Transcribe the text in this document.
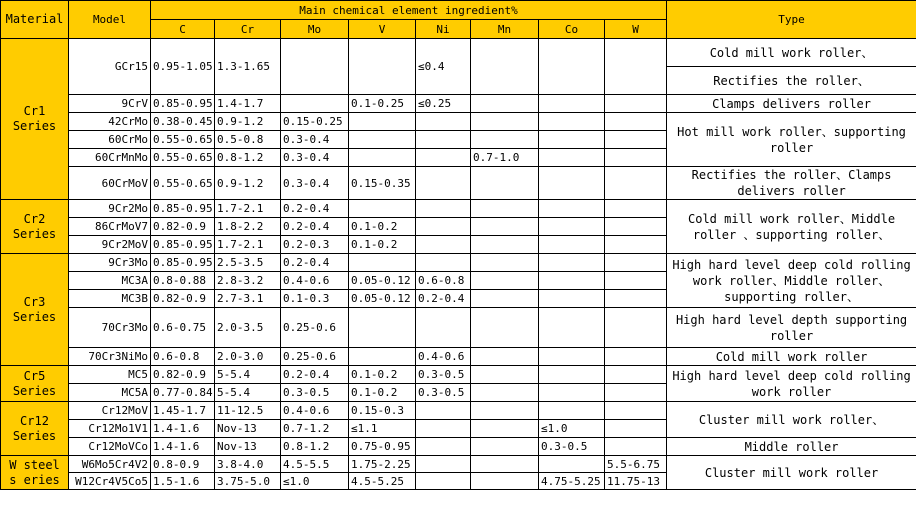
Material	Model	Main chemical element ingredient%								Type
		C	Cr	Mo	V	Ni	Mn	Co	W	
Cr1 Series	GCr15	0.95-1.05	1.3-1.65			≤0.4				Cold mill work roller、
										Rectifies the roller、
	9CrV	0.85-0.95	1.4-1.7		0.1-0.25	≤0.25				Clamps delivers roller
	42CrMo	0.38-0.45	0.9-1.2	0.15-0.25						Hot mill work roller、supporting roller
	60CrMo	0.55-0.65	0.5-0.8	0.3-0.4						
	60CrMnMo	0.55-0.65	0.8-1.2	0.3-0.4			0.7-1.0			
	60CrMoV	0.55-0.65	0.9-1.2	0.3-0.4	0.15-0.35					Rectifies the roller、Clamps delivers roller
Cr2 Series	9Cr2Mo	0.85-0.95	1.7-2.1	0.2-0.4						Cold mill work roller、Middle roller 、supporting roller、
	86CrMoV7	0.82-0.9	1.8-2.2	0.2-0.4	0.1-0.2					
	9Cr2MoV	0.85-0.95	1.7-2.1	0.2-0.3	0.1-0.2					
Cr3 Series	9Cr3Mo	0.85-0.95	2.5-3.5	0.2-0.4						High hard level deep cold rolling work roller、Middle roller、supporting roller、
	MC3A	0.8-0.88	2.8-3.2	0.4-0.6	0.05-0.12	0.6-0.8				
	MC3B	0.82-0.9	2.7-3.1	0.1-0.3	0.05-0.12	0.2-0.4				
	70Cr3Mo	0.6-0.75	2.0-3.5	0.25-0.6						High hard level depth supporting roller
	70Cr3NiMo	0.6-0.8	2.0-3.0	0.25-0.6		0.4-0.6				Cold mill work roller
Cr5 Series	MC5	0.82-0.9	5-5.4	0.2-0.4	0.1-0.2	0.3-0.5				High hard level deep cold rolling work roller
	MC5A	0.77-0.84	5-5.4	0.3-0.5	0.1-0.2	0.3-0.5				
Cr12 Series	Cr12MoV	1.45-1.7	11-12.5	0.4-0.6	0.15-0.3					Cluster mill work roller、
	Cr12Mo1V1	1.4-1.6	Nov-13	0.7-1.2	≤1.1			≤1.0		
	Cr12MoVCo	1.4-1.6	Nov-13	0.8-1.2	0.75-0.95			0.3-0.5		Middle roller
W steel s eries	W6Mo5Cr4V2	0.8-0.9	3.8-4.0	4.5-5.5	1.75-2.25				5.5-6.75	Cluster mill work roller
	W12Cr4V5Co5	1.5-1.6	3.75-5.0	≤1.0	4.5-5.25			4.75-5.25	11.75-13	
